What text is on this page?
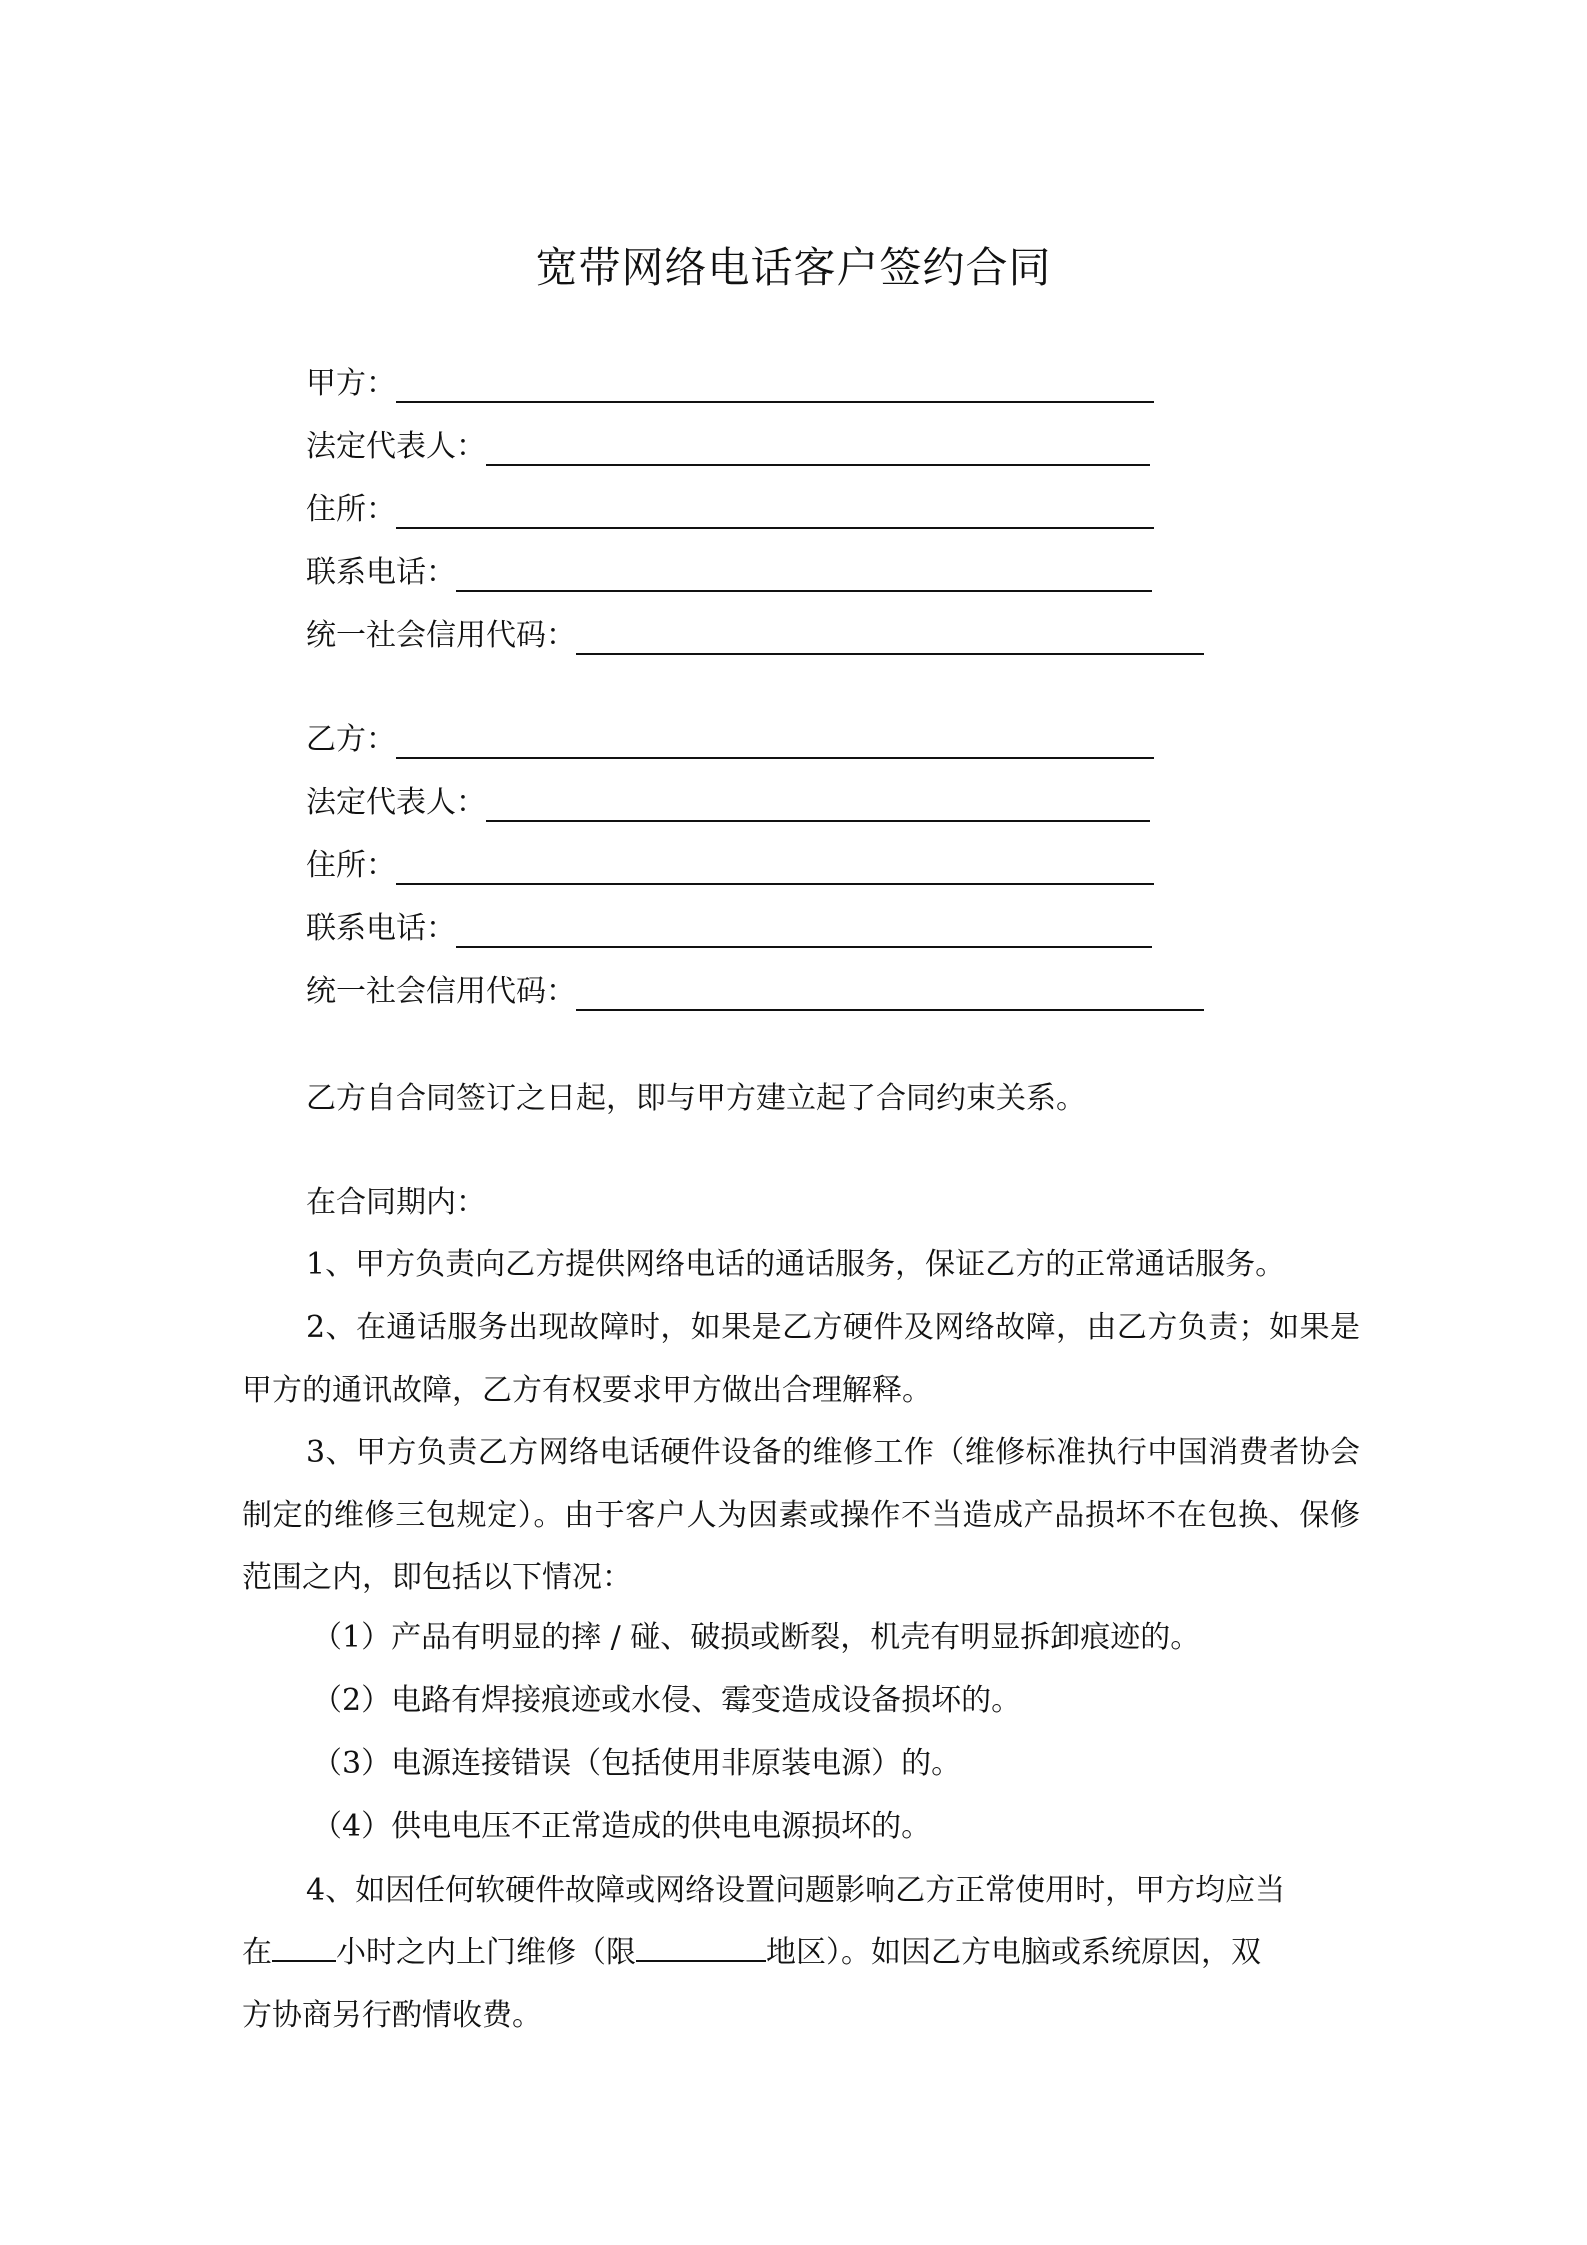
宽带网络电话客户签约合同
甲方：
法定代表人：
住所：
联系电话：
统一社会信用代码：
乙方：
法定代表人：
住所：
联系电话：
统一社会信用代码：

乙方自合同签订之日起，即与甲方建立起了合同约束关系。

在合同期内：

1、甲方负责向乙方提供网络电话的通话服务，保证乙方的正常通话服务。

2、在通话服务出现故障时，如果是乙方硬件及网络故障，由乙方负责；如果是甲方的通讯故障，乙方有权要求甲方做出合理解释。

3、甲方负责乙方网络电话硬件设备的维修工作（维修标准执行中国消费者协会制定的维修三包规定）。由于客户人为因素或操作不当造成产品损坏不在包换、保修范围之内，即包括以下情况：

（1）产品有明显的摔 / 碰、破损或断裂，机壳有明显拆卸痕迹的。

（2）电路有焊接痕迹或水侵、霉变造成设备损坏的。

（3）电源连接错误（包括使用非原装电源）的。

（4）供电电压不正常造成的供电电源损坏的。

4、如因任何软硬件故障或网络设置问题影响乙方正常使用时，甲方均应当

在 小时之内上门维修（限	地区）。如因乙方电脑或系统原因，双

方协商另行酌情收费。
